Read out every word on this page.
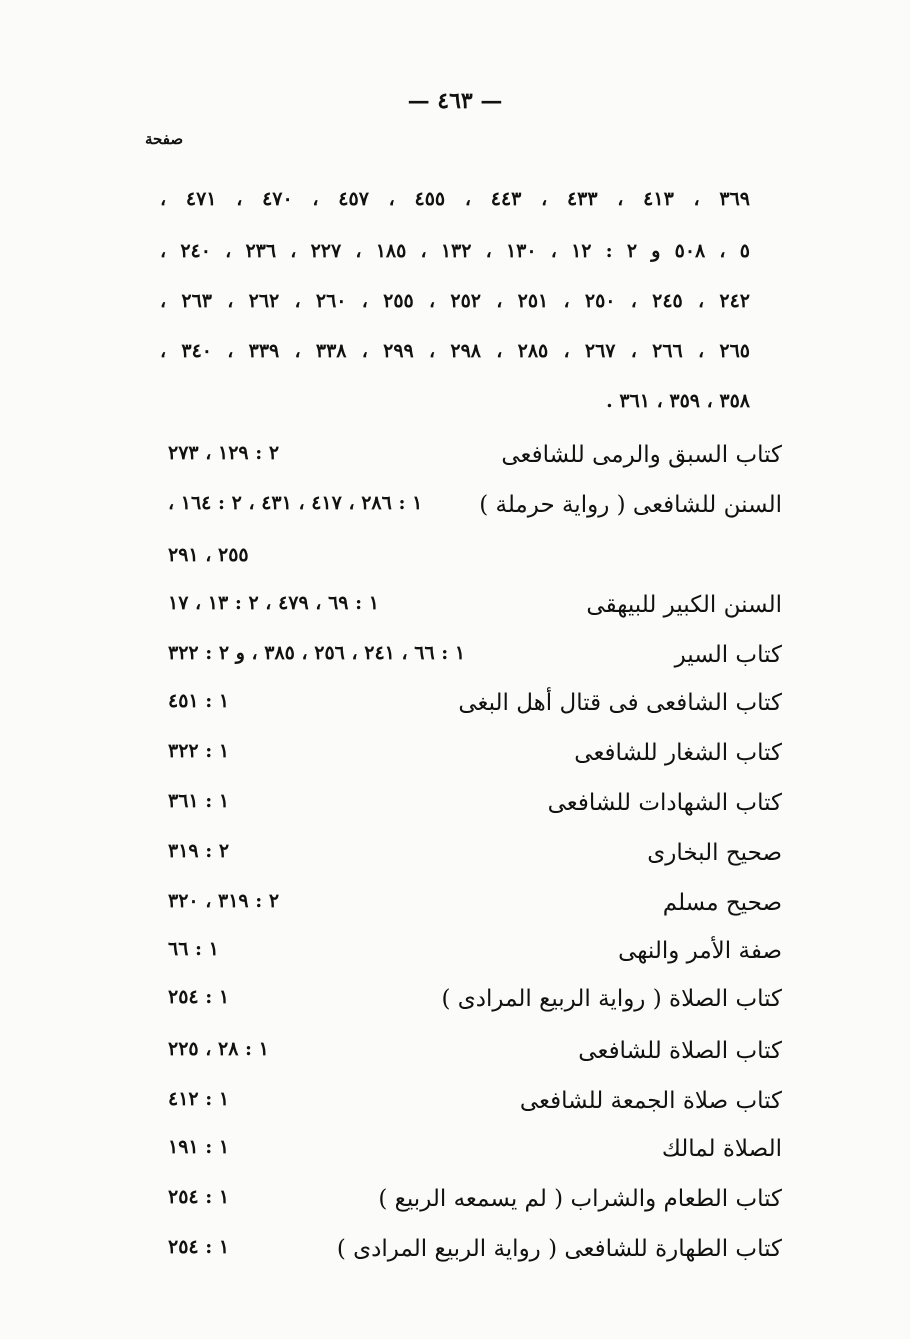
— ٤٦٣ —
صفحة
٣٦٩ ، ٤١٣ ، ٤٣٣ ، ٤٤٣ ، ٤٥٥ ، ٤٥٧ ، ٤٧٠ ، ٤٧١ ،
٥ ، ٥٠٨ و ٢ : ١٢ ، ١٣٠ ، ١٣٢ ، ١٨٥ ، ٢٢٧ ، ٢٣٦ ، ٢٤٠ ،
٢٤٢ ، ٢٤٥ ، ٢٥٠ ، ٢٥١ ، ٢٥٢ ، ٢٥٥ ، ٢٦٠ ، ٢٦٢ ، ٢٦٣ ،
٢٦٥ ، ٢٦٦ ، ٢٦٧ ، ٢٨٥ ، ٢٩٨ ، ٢٩٩ ، ٣٣٨ ، ٣٣٩ ، ٣٤٠ ،
٣٥٨ ، ٣٥٩ ، ٣٦١ .
كتاب السبق والرمى للشافعى
٢ : ١٢٩ ، ٢٧٣
السنن للشافعى ( رواية حرملة )
١ : ٢٨٦ ، ٤١٧ ، ٤٣١ ، ٢ : ١٦٤ ،
٢٥٥ ، ٢٩١
السنن الكبير للبيهقى
١ : ٦٩ ، ٤٧٩ ، ٢ : ١٣ ، ١٧
كتاب السير
١ : ٦٦ ، ٢٤١ ، ٢٥٦ ، ٣٨٥ ، و ٢ : ٣٢٢
كتاب الشافعى فى قتال أهل البغى
١ : ٤٥١
كتاب الشغار للشافعى
١ : ٣٢٢
كتاب الشهادات للشافعى
١ : ٣٦١
صحيح البخارى
٢ : ٣١٩
صحيح مسلم
٢ : ٣١٩ ، ٣٢٠
صفة الأمر والنهى
١ : ٦٦
كتاب الصلاة ( رواية الربيع المرادى )
١ : ٢٥٤
كتاب الصلاة للشافعى
١ : ٢٨ ، ٢٢٥
كتاب صلاة الجمعة للشافعى
١ : ٤١٢
الصلاة لمالك
١ : ١٩١
كتاب الطعام والشراب ( لم يسمعه الربيع )
١ : ٢٥٤
كتاب الطهارة للشافعى ( رواية الربيع المرادى )
١ : ٢٥٤
